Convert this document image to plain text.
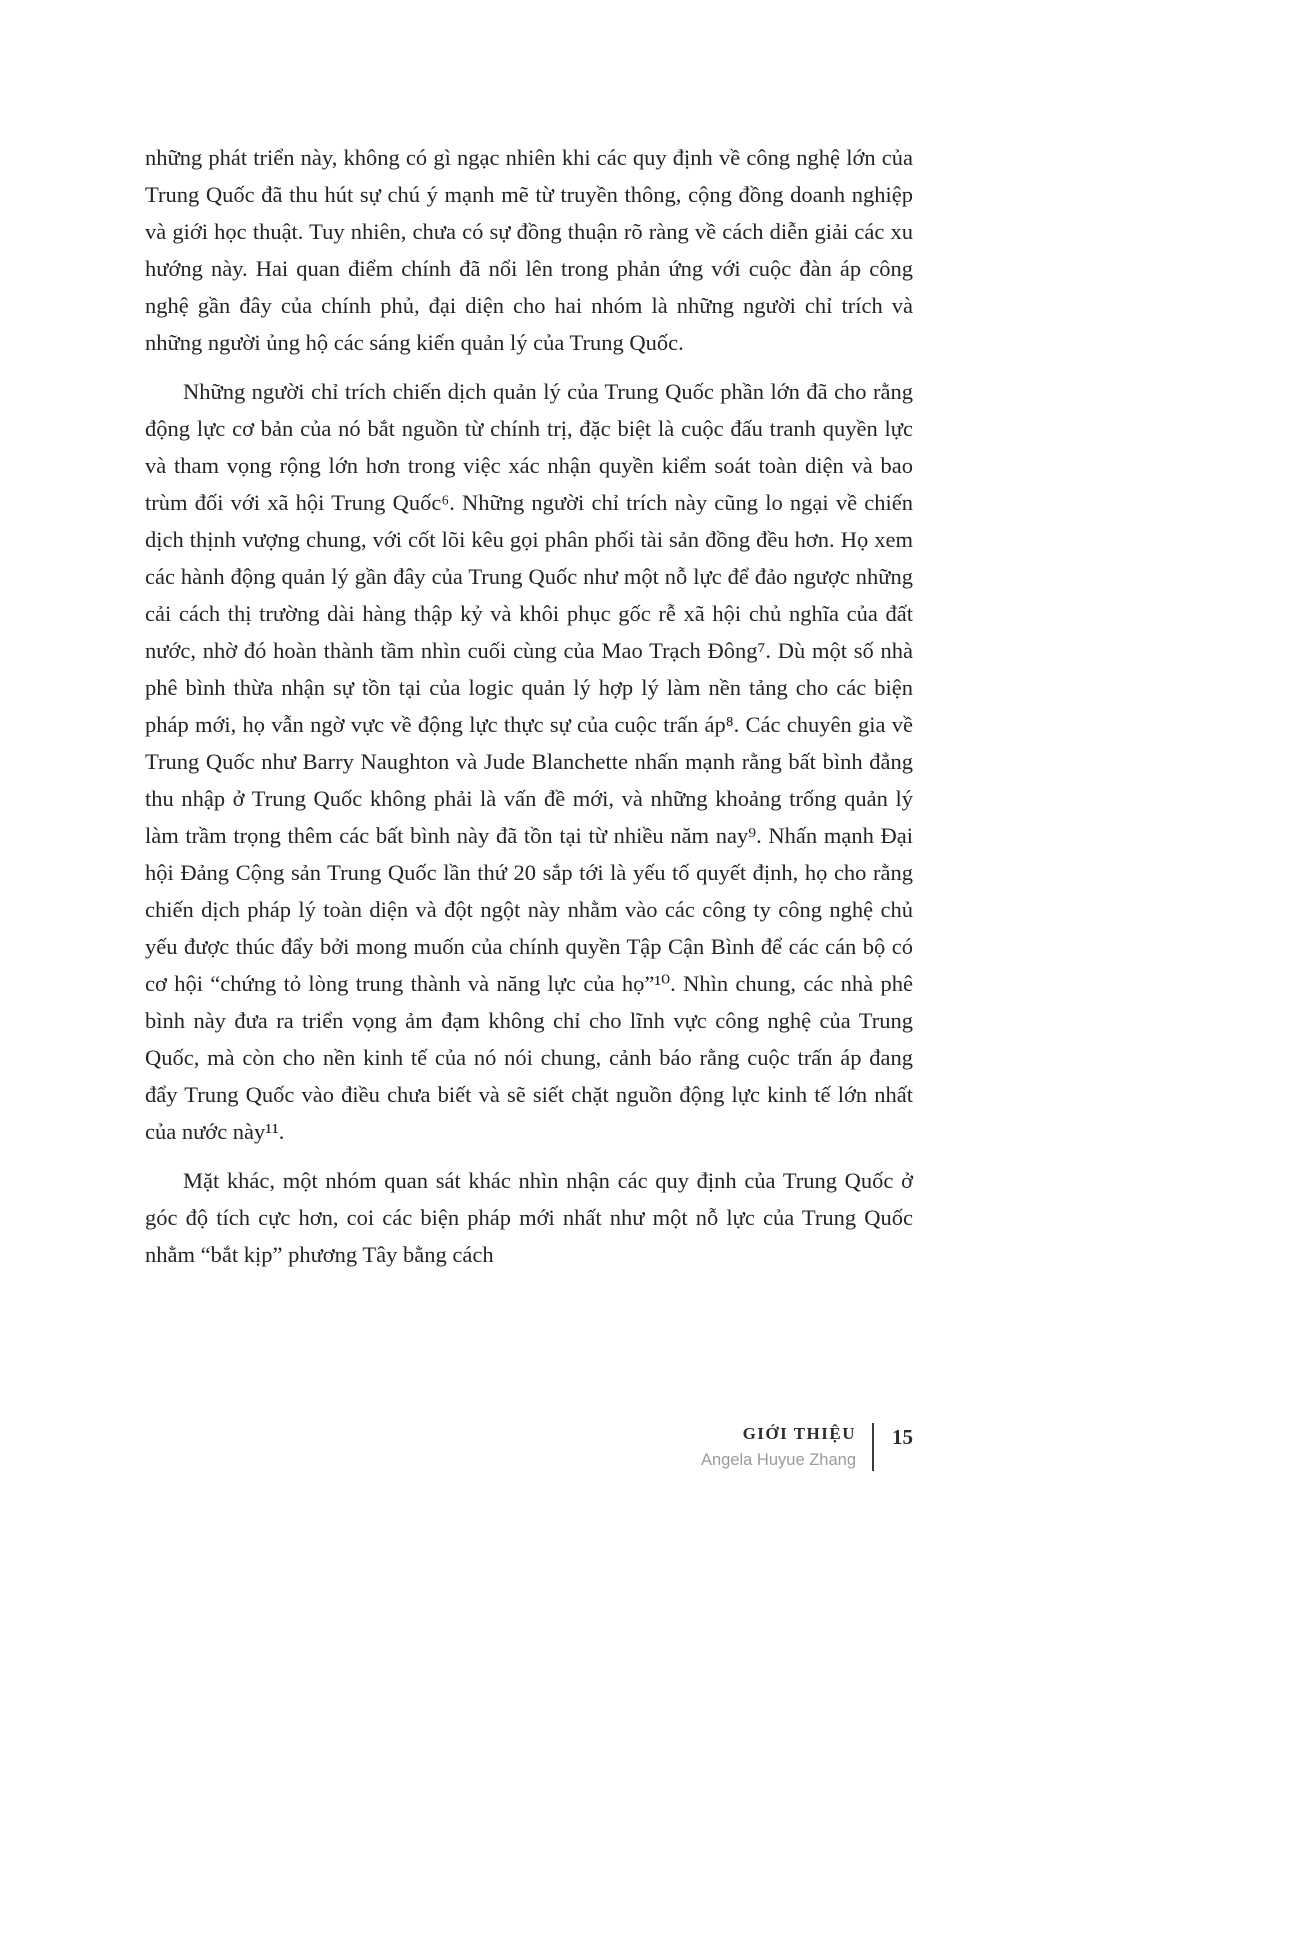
những phát triển này, không có gì ngạc nhiên khi các quy định về công nghệ lớn của Trung Quốc đã thu hút sự chú ý mạnh mẽ từ truyền thông, cộng đồng doanh nghiệp và giới học thuật. Tuy nhiên, chưa có sự đồng thuận rõ ràng về cách diễn giải các xu hướng này. Hai quan điểm chính đã nổi lên trong phản ứng với cuộc đàn áp công nghệ gần đây của chính phủ, đại diện cho hai nhóm là những người chỉ trích và những người ủng hộ các sáng kiến quản lý của Trung Quốc.

Những người chỉ trích chiến dịch quản lý của Trung Quốc phần lớn đã cho rằng động lực cơ bản của nó bắt nguồn từ chính trị, đặc biệt là cuộc đấu tranh quyền lực và tham vọng rộng lớn hơn trong việc xác nhận quyền kiểm soát toàn diện và bao trùm đối với xã hội Trung Quốc⁶. Những người chỉ trích này cũng lo ngại về chiến dịch thịnh vượng chung, với cốt lõi kêu gọi phân phối tài sản đồng đều hơn. Họ xem các hành động quản lý gần đây của Trung Quốc như một nỗ lực để đảo ngược những cải cách thị trường dài hàng thập kỷ và khôi phục gốc rễ xã hội chủ nghĩa của đất nước, nhờ đó hoàn thành tầm nhìn cuối cùng của Mao Trạch Đông⁷. Dù một số nhà phê bình thừa nhận sự tồn tại của logic quản lý hợp lý làm nền tảng cho các biện pháp mới, họ vẫn ngờ vực về động lực thực sự của cuộc trấn áp⁸. Các chuyên gia về Trung Quốc như Barry Naughton và Jude Blanchette nhấn mạnh rằng bất bình đẳng thu nhập ở Trung Quốc không phải là vấn đề mới, và những khoảng trống quản lý làm trầm trọng thêm các bất bình này đã tồn tại từ nhiều năm nay⁹. Nhấn mạnh Đại hội Đảng Cộng sản Trung Quốc lần thứ 20 sắp tới là yếu tố quyết định, họ cho rằng chiến dịch pháp lý toàn diện và đột ngột này nhằm vào các công ty công nghệ chủ yếu được thúc đẩy bởi mong muốn của chính quyền Tập Cận Bình để các cán bộ có cơ hội “chứng tỏ lòng trung thành và năng lực của họ”¹⁰. Nhìn chung, các nhà phê bình này đưa ra triển vọng ảm đạm không chỉ cho lĩnh vực công nghệ của Trung Quốc, mà còn cho nền kinh tế của nó nói chung, cảnh báo rằng cuộc trấn áp đang đẩy Trung Quốc vào điều chưa biết và sẽ siết chặt nguồn động lực kinh tế lớn nhất của nước này¹¹.

Mặt khác, một nhóm quan sát khác nhìn nhận các quy định của Trung Quốc ở góc độ tích cực hơn, coi các biện pháp mới nhất như một nỗ lực của Trung Quốc nhằm “bắt kịp” phương Tây bằng cách

GIỚI THIỆU
Angela Huyue Zhang
15
